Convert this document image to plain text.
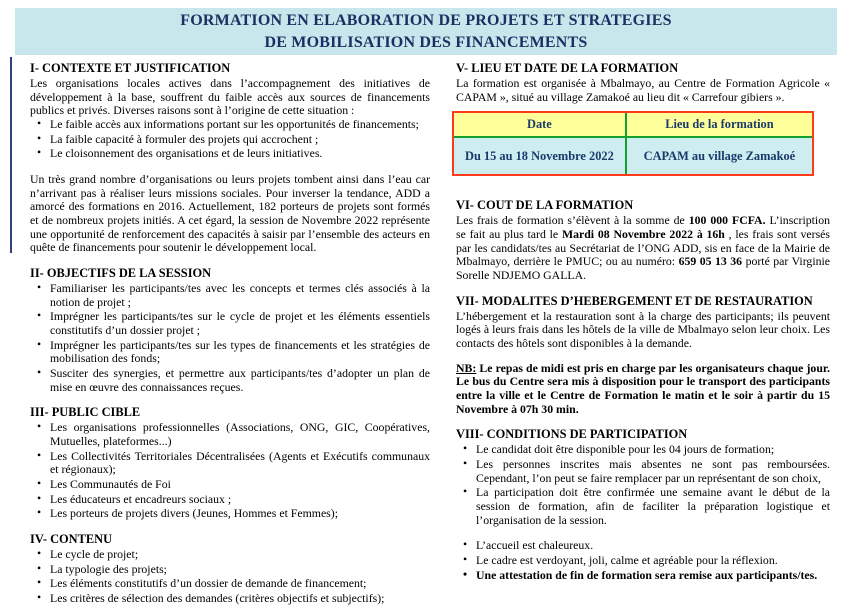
FORMATION EN ELABORATION DE PROJETS ET STRATEGIES
DE MOBILISATION DES FINANCEMENTS
I- CONTEXTE ET JUSTIFICATION

Les organisations locales actives dans l’accompagnement des initiatives de développement à la base, souffrent du faible accès aux sources de financements publics et privés. Diverses raisons sont à l’origine de cette situation :

• Le faible accès aux informations portant sur les opportunités de financements;
• La faible capacité à formuler des projets qui accrochent ;
• Le cloisonnement des organisations et de leurs initiatives.

Un très grand nombre d’organisations ou leurs projets tombent ainsi dans l’eau car n’arrivant pas à réaliser leurs missions sociales. Pour inverser la tendance, ADD a amorcé des formations en 2016. Actuellement, 182 porteurs de projets sont formés et de nombreux projets initiés. A cet égard, la session de Novembre 2022 représente une opportunité de renforcement des capacités à saisir par l’ensemble des acteurs en quête de financements pour soutenir le développement local.

II- OBJECTIFS DE LA SESSION
• Familiariser les participants/tes avec les concepts et termes clés associés à la notion de projet ;
• Imprégner les participants/tes sur le cycle de projet et les éléments essentiels constitutifs d’un dossier projet ;
• Imprégner les participants/tes sur les types de financements et les stratégies de mobilisation des fonds;
• Susciter des synergies, et permettre aux participants/tes d’adopter un plan de mise en œuvre des connaissances reçues.
III- PUBLIC CIBLE
• Les organisations professionnelles (Associations, ONG, GIC, Coopératives, Mutuelles, plateformes...)
• Les Collectivités Territoriales Décentralisées (Agents et Exécutifs communaux et régionaux);
• Les Communautés de Foi
• Les éducateurs et encadreurs sociaux ;
• Les porteurs de projets divers (Jeunes, Hommes et Femmes);
IV- CONTENU
• Le cycle de projet;
• La typologie des projets;
• Les éléments constitutifs d’un dossier de demande de financement;
• Les critères de sélection des demandes (critères objectifs et subjectifs);
V- LIEU ET DATE DE LA FORMATION

La formation est organisée à Mbalmayo, au Centre de Formation Agricole « CAPAM », situé au village Zamakoé au lieu dit « Carrefour gibiers ».

Date	Lieu de la formation
Du 15 au 18 Novembre 2022	CAPAM au village Zamakoé
VI- COUT DE LA FORMATION

Les frais de formation s’élèvent à la somme de 100 000 FCFA. L’inscription se fait au plus tard le Mardi 08 Novembre 2022 à 16h , les frais sont versés par les candidats/tes au Secrétariat de l’ONG ADD, sis en face de la Mairie de Mbalmayo, derrière le PMUC; ou au numéro: 659 05 13 36 porté par Virginie Sorelle NDJEMO GALLA.

VII- MODALITES D’HEBERGEMENT ET DE RESTAURATION

L’hébergement et la restauration sont à la charge des participants; ils peuvent logés à leurs frais dans les hôtels de la ville de Mbalmayo selon leur choix. Les contacts des hôtels sont disponibles à la demande.

NB: Le repas de midi est pris en charge par les organisateurs chaque jour. Le bus du Centre sera mis à disposition pour le transport des participants entre la ville et le Centre de Formation le matin et le soir à partir du 15 Novembre à 07h 30 min.

VIII- CONDITIONS DE PARTICIPATION
• Le candidat doit être disponible pour les 04 jours de formation;
• Les personnes inscrites mais absentes ne sont pas remboursées. Cependant, l’on peut se faire remplacer par un représentant de son choix,
• La participation doit être confirmée une semaine avant le début de la session de formation, afin de faciliter la préparation logistique et l’organisation de la session.
• L’accueil est chaleureux.
• Le cadre est verdoyant, joli, calme et agréable pour la réflexion.
• Une attestation de fin de formation sera remise aux participants/tes.
